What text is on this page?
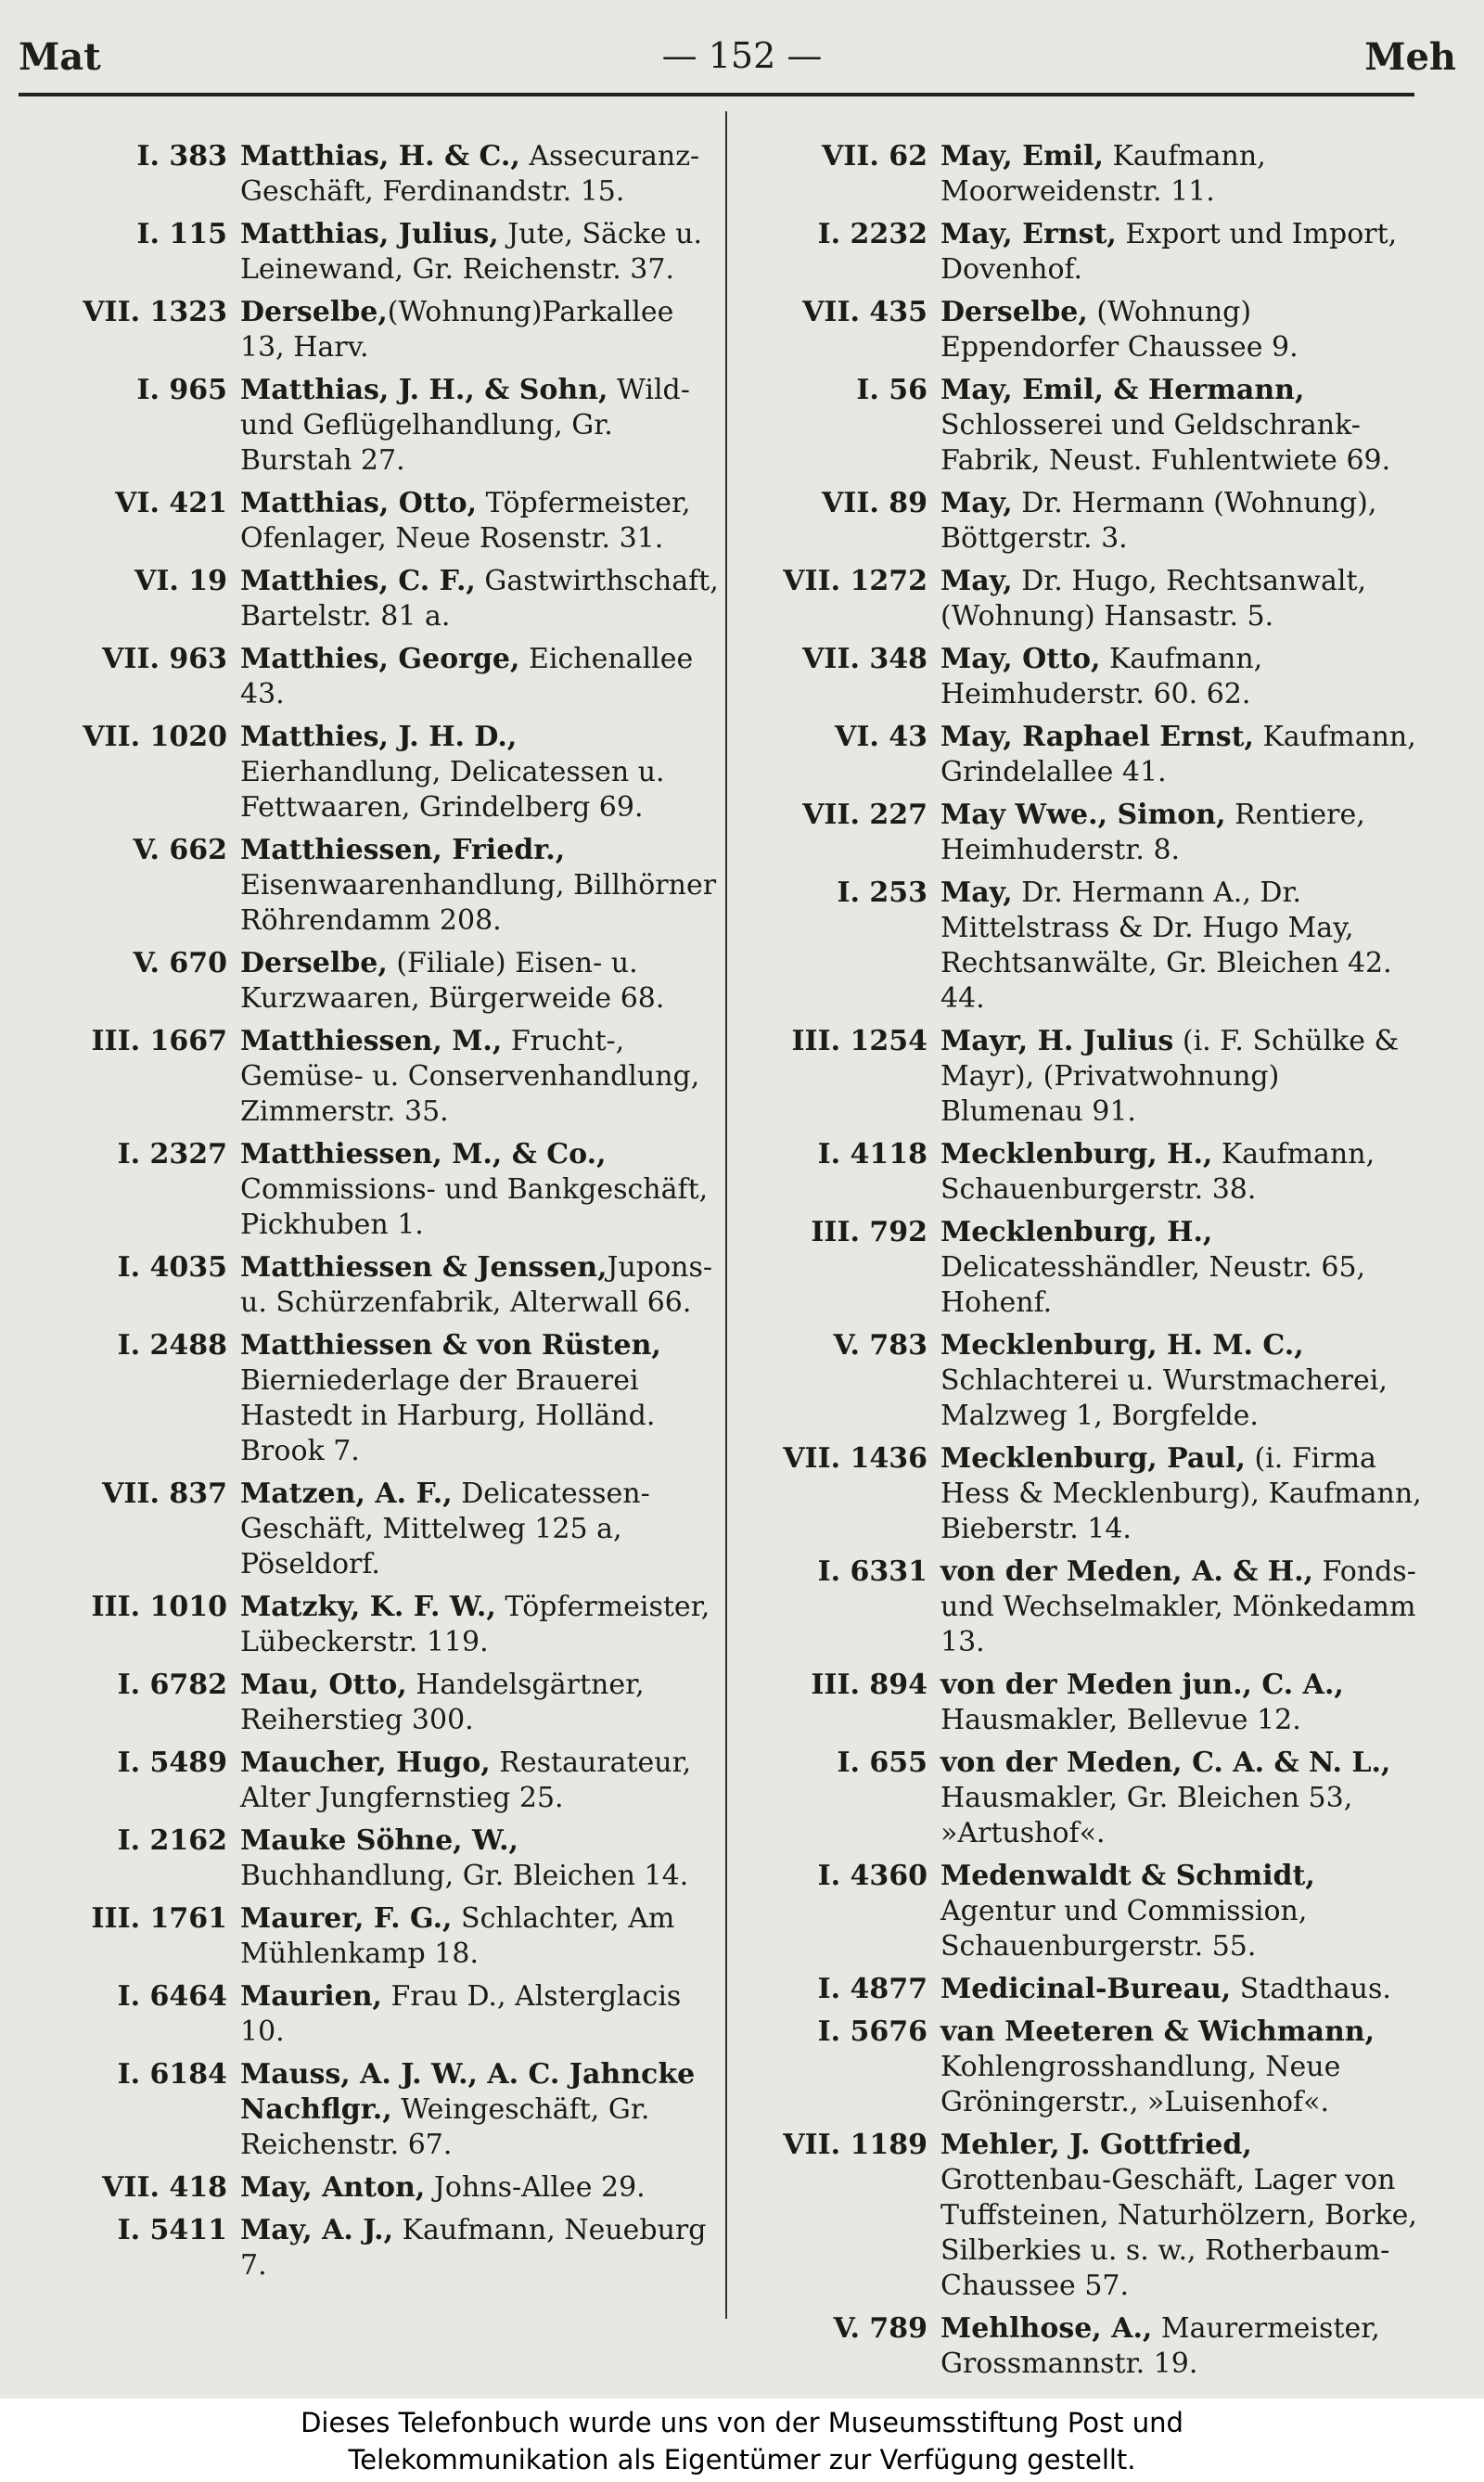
Mat	— 152 —	Meh
I. 383 Matthias, H. & C., Assecuranz-Geschäft, Ferdinandstr. 15.
I. 115 Matthias, Julius, Jute, Säcke u. Leinewand, Gr. Reichenstr. 37.
VII. 1323 Derselbe,(Wohnung)Parkallee 13, Harv.
I. 965 Matthias, J. H., & Sohn, Wild- und Geflügelhandlung, Gr. Burstah 27.
VI. 421 Matthias, Otto, Töpfermeister, Ofenlager, Neue Rosenstr. 31.
VI. 19 Matthies, C. F., Gastwirthschaft, Bartelstr. 81 a.
VII. 963 Matthies, George, Eichenallee 43.
VII. 1020 Matthies, J. H. D., Eierhandlung, Delicatessen u. Fettwaaren, Grindelberg 69.
V. 662 Matthiessen, Friedr., Eisenwaarenhandlung, Billhörner Röhrendamm 208.
V. 670 Derselbe, (Filiale) Eisen- u. Kurzwaaren, Bürgerweide 68.
III. 1667 Matthiessen, M., Frucht-, Gemüse- u. Conservenhandlung, Zimmerstr. 35.
I. 2327 Matthiessen, M., & Co., Commissions- und Bankgeschäft, Pickhuben 1.
I. 4035 Matthiessen & Jenssen,Jupons- u. Schürzenfabrik, Alterwall 66.
I. 2488 Matthiessen & von Rüsten, Bierniederlage der Brauerei Hastedt in Harburg, Holländ. Brook 7.
VII. 837 Matzen, A. F., Delicatessen-Geschäft, Mittelweg 125 a, Pöseldorf.
III. 1010 Matzky, K. F. W., Töpfermeister, Lübeckerstr. 119.
I. 6782 Mau, Otto, Handelsgärtner, Reiherstieg 300.
I. 5489 Maucher, Hugo, Restaurateur, Alter Jungfernstieg 25.
I. 2162 Mauke Söhne, W., Buchhandlung, Gr. Bleichen 14.
III. 1761 Maurer, F. G., Schlachter, Am Mühlenkamp 18.
I. 6464 Maurien, Frau D., Alsterglacis 10.
I. 6184 Mauss, A. J. W., A. C. Jahncke Nachflgr., Weingeschäft, Gr. Reichenstr. 67.
VII. 418 May, Anton, Johns-Allee 29.
I. 5411 May, A. J., Kaufmann, Neueburg 7.
VII. 62 May, Emil, Kaufmann, Moorweidenstr. 11.
I. 2232 May, Ernst, Export und Import, Dovenhof.
VII. 435 Derselbe, (Wohnung) Eppendorfer Chaussee 9.
I. 56 May, Emil, & Hermann, Schlosserei und Geldschrank-Fabrik, Neust. Fuhlentwiete 69.
VII. 89 May, Dr. Hermann (Wohnung), Böttgerstr. 3.
VII. 1272 May, Dr. Hugo, Rechtsanwalt, (Wohnung) Hansastr. 5.
VII. 348 May, Otto, Kaufmann, Heimhuderstr. 60. 62.
VI. 43 May, Raphael Ernst, Kaufmann, Grindelallee 41.
VII. 227 May Wwe., Simon, Rentiere, Heimhuderstr. 8.
I. 253 May, Dr. Hermann A., Dr. Mittelstrass & Dr. Hugo May, Rechtsanwälte, Gr. Bleichen 42. 44.
III. 1254 Mayr, H. Julius (i. F. Schülke & Mayr), (Privatwohnung) Blumenau 91.
I. 4118 Mecklenburg, H., Kaufmann, Schauenburgerstr. 38.
III. 792 Mecklenburg, H., Delicatesshändler, Neustr. 65, Hohenf.
V. 783 Mecklenburg, H. M. C., Schlachterei u. Wurstmacherei, Malzweg 1, Borgfelde.
VII. 1436 Mecklenburg, Paul, (i. Firma Hess & Mecklenburg), Kaufmann, Bieberstr. 14.
I. 6331 von der Meden, A. & H., Fonds- und Wechselmakler, Mönkedamm 13.
III. 894 von der Meden jun., C. A., Hausmakler, Bellevue 12.
I. 655 von der Meden, C. A. & N. L., Hausmakler, Gr. Bleichen 53, »Artushof«.
I. 4360 Medenwaldt & Schmidt, Agentur und Commission, Schauenburgerstr. 55.
I. 4877 Medicinal-Bureau, Stadthaus.
I. 5676 van Meeteren & Wichmann, Kohlengrosshandlung, Neue Gröningerstr., »Luisenhof«.
VII. 1189 Mehler, J. Gottfried, Grottenbau-Geschäft, Lager von Tuffsteinen, Naturhölzern, Borke, Silberkies u. s. w., Rotherbaum-Chaussee 57.
V. 789 Mehlhose, A., Maurermeister, Grossmannstr. 19.
Dieses Telefonbuch wurde uns von der Museumsstiftung Post und
Telekommunikation als Eigentümer zur Verfügung gestellt.
